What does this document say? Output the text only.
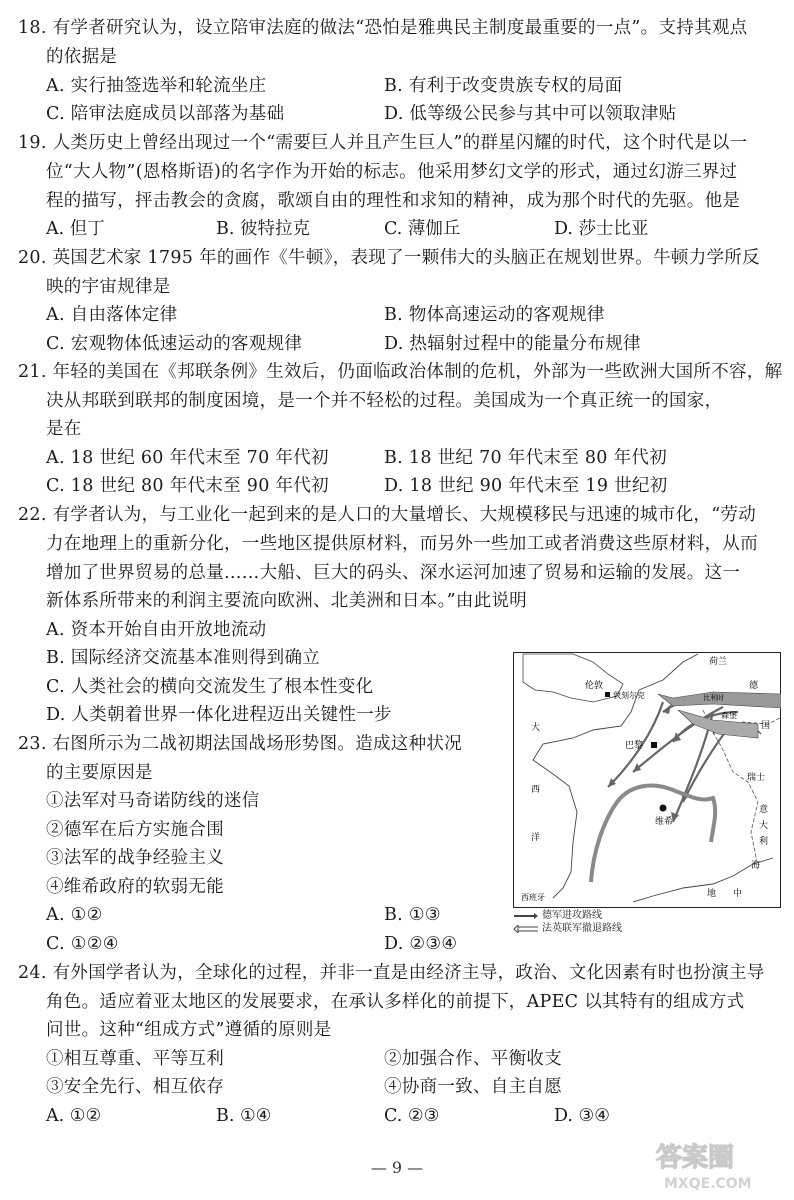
18. 有学者研究认为，设立陪审法庭的做法“恐怕是雅典民主制度最重要的一点”。支持其观点
的依据是
A. 实行抽签选举和轮流坐庄	B. 有利于改变贵族专权的局面
C. 陪审法庭成员以部落为基础	D. 低等级公民参与其中可以领取津贴
19. 人类历史上曾经出现过一个“需要巨人并且产生巨人”的群星闪耀的时代，这个时代是以一
位“大人物”(恩格斯语)的名字作为开始的标志。他采用梦幻文学的形式，通过幻游三界过
程的描写，抨击教会的贪腐，歌颂自由的理性和求知的精神，成为那个时代的先驱。他是
A. 但丁	B. 彼特拉克	C. 薄伽丘	D. 莎士比亚
20. 英国艺术家 1795 年的画作《牛顿》，表现了一颗伟大的头脑正在规划世界。牛顿力学所反
映的宇宙规律是
A. 自由落体定律	B. 物体高速运动的客观规律
C. 宏观物体低速运动的客观规律	D. 热辐射过程中的能量分布规律
21. 年轻的美国在《邦联条例》生效后，仍面临政治体制的危机，外部为一些欧洲大国所不容，解
决从邦联到联邦的制度困境，是一个并不轻松的过程。美国成为一个真正统一的国家，
是在
A. 18 世纪 60 年代末至 70 年代初	B. 18 世纪 70 年代末至 80 年代初
C. 18 世纪 80 年代末至 90 年代初	D. 18 世纪 90 年代末至 19 世纪初
22. 有学者认为，与工业化一起到来的是人口的大量增长、大规模移民与迅速的城市化，“劳动
力在地理上的重新分化，一些地区提供原材料，而另外一些加工或者消费这些原材料，从而
增加了世界贸易的总量……大船、巨大的码头、深水运河加速了贸易和运输的发展。这一
新体系所带来的利润主要流向欧洲、北美洲和日本。”由此说明
A. 资本开始自由开放地流动
B. 国际经济交流基本准则得到确立
C. 人类社会的横向交流发生了根本性变化
D. 人类朝着世界一体化进程迈出关键性一步
23. 右图所示为二战初期法国战场形势图。造成这种状况
的主要原因是
①法军对马奇诺防线的迷信
②德军在后方实施合围
③法军的战争经验主义
④维希政府的软弱无能
A. ①②	B. ①③
C. ①②④	D. ②③④
荷兰
伦敦
敦刻尔克	比利时
德
森堡
国
大
巴黎
西
瑞士
维希
洋
意
大
利
海
地 中
西班牙
德军进攻路线
法英联军撤退路线
24. 有外国学者认为，全球化的过程，并非一直是由经济主导，政治、文化因素有时也扮演主导
角色。适应着亚太地区的发展要求，在承认多样化的前提下，APEC 以其特有的组成方式
问世。这种“组成方式”遵循的原则是
①相互尊重、平等互利	②加强合作、平衡收支
③安全先行、相互依存	④协商一致、自主自愿
A. ①②	B. ①④	C. ②③	D. ③④
— 9 —	答案圈
MXQE.COM
